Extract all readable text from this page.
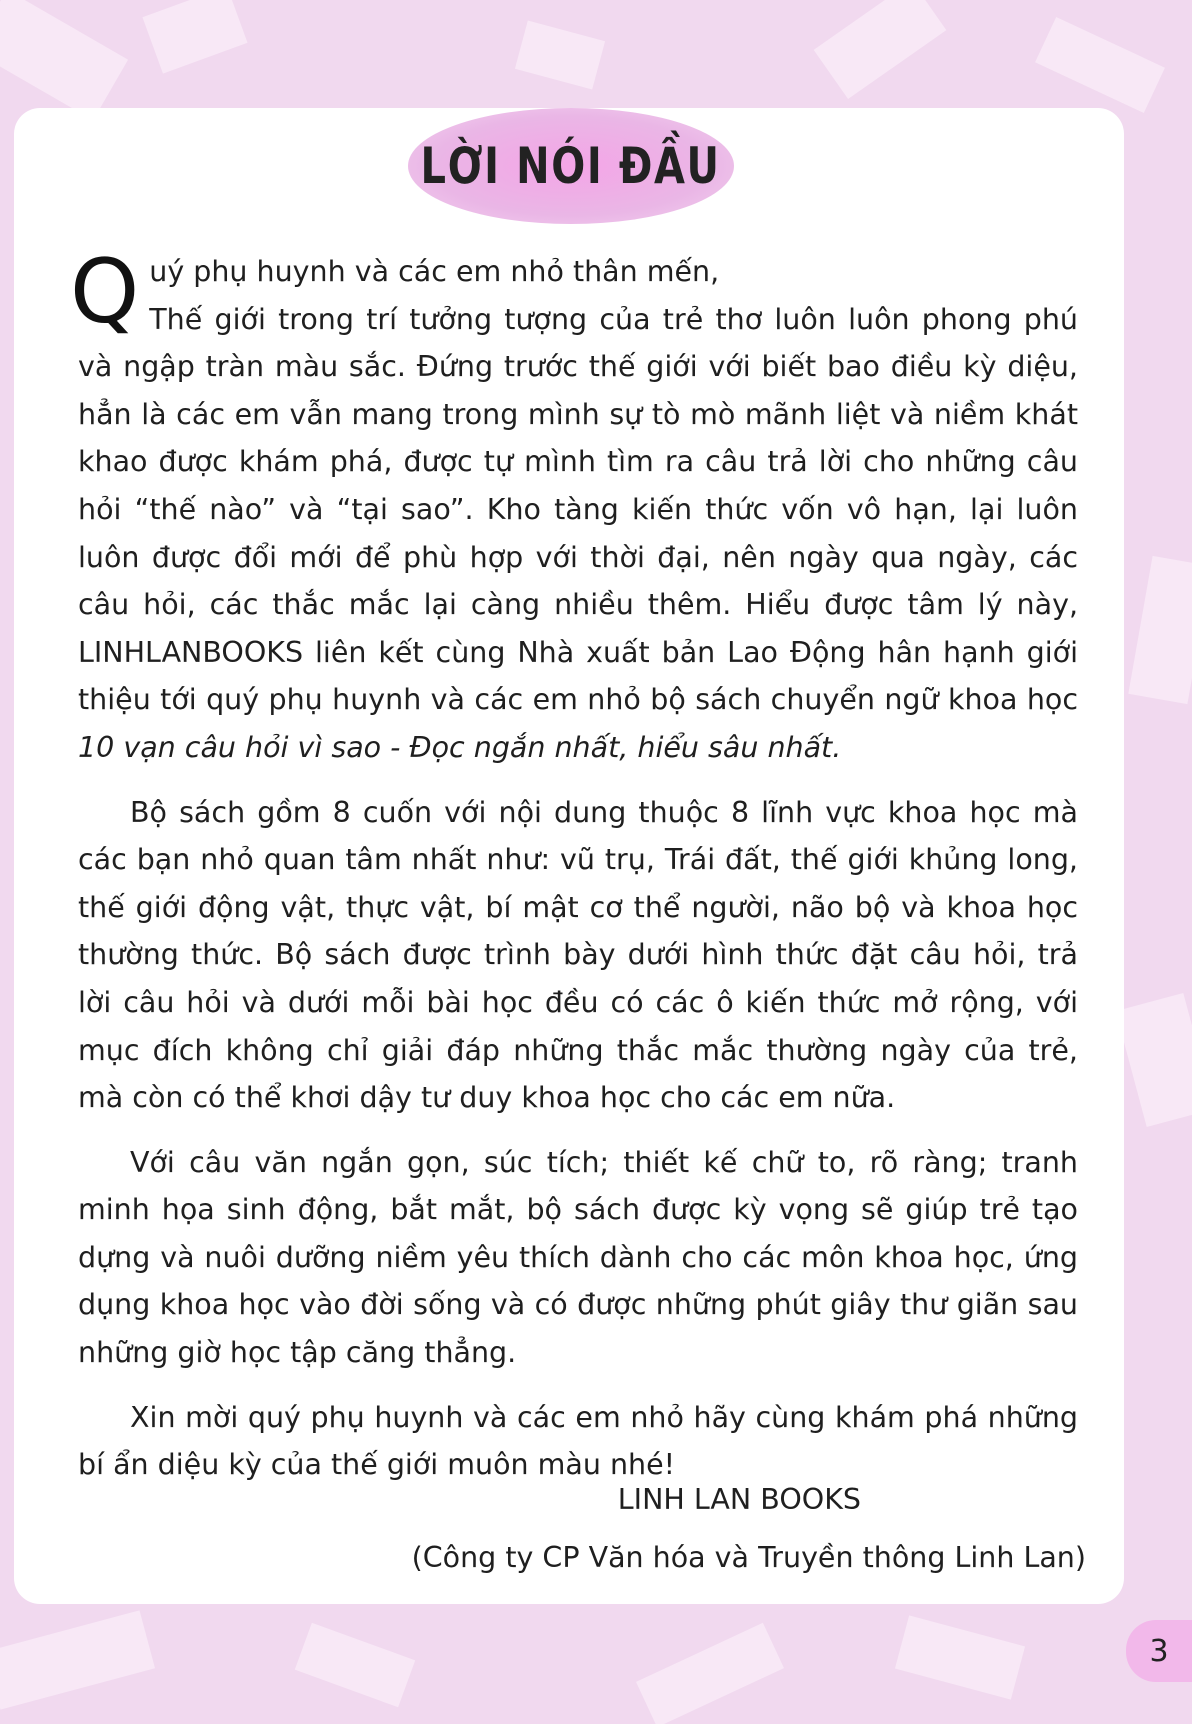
LỜI NÓI ĐẦU

Quý phụ huynh và các em nhỏ thân mến,
Thế giới trong trí tưởng tượng của trẻ thơ luôn luôn phong phú và ngập tràn màu sắc. Đứng trước thế giới với biết bao điều kỳ diệu, hẳn là các em vẫn mang trong mình sự tò mò mãnh liệt và niềm khát khao được khám phá, được tự mình tìm ra câu trả lời cho những câu hỏi “thế nào” và “tại sao”. Kho tàng kiến thức vốn vô hạn, lại luôn luôn được đổi mới để phù hợp với thời đại, nên ngày qua ngày, các câu hỏi, các thắc mắc lại càng nhiều thêm. Hiểu được tâm lý này, LINHLANBOOKS liên kết cùng Nhà xuất bản Lao Động hân hạnh giới thiệu tới quý phụ huynh và các em nhỏ bộ sách chuyển ngữ khoa học 10 vạn câu hỏi vì sao - Đọc ngắn nhất, hiểu sâu nhất.

Bộ sách gồm 8 cuốn với nội dung thuộc 8 lĩnh vực khoa học mà các bạn nhỏ quan tâm nhất như: vũ trụ, Trái đất, thế giới khủng long, thế giới động vật, thực vật, bí mật cơ thể người, não bộ và khoa học thường thức. Bộ sách được trình bày dưới hình thức đặt câu hỏi, trả lời câu hỏi và dưới mỗi bài học đều có các ô kiến thức mở rộng, với mục đích không chỉ giải đáp những thắc mắc thường ngày của trẻ, mà còn có thể khơi dậy tư duy khoa học cho các em nữa.

Với câu văn ngắn gọn, súc tích; thiết kế chữ to, rõ ràng; tranh minh họa sinh động, bắt mắt, bộ sách được kỳ vọng sẽ giúp trẻ tạo dựng và nuôi dưỡng niềm yêu thích dành cho các môn khoa học, ứng dụng khoa học vào đời sống và có được những phút giây thư giãn sau những giờ học tập căng thẳng.

Xin mời quý phụ huynh và các em nhỏ hãy cùng khám phá những bí ẩn diệu kỳ của thế giới muôn màu nhé!

LINH LAN BOOKS
(Công ty CP Văn hóa và Truyền thông Linh Lan)
3
